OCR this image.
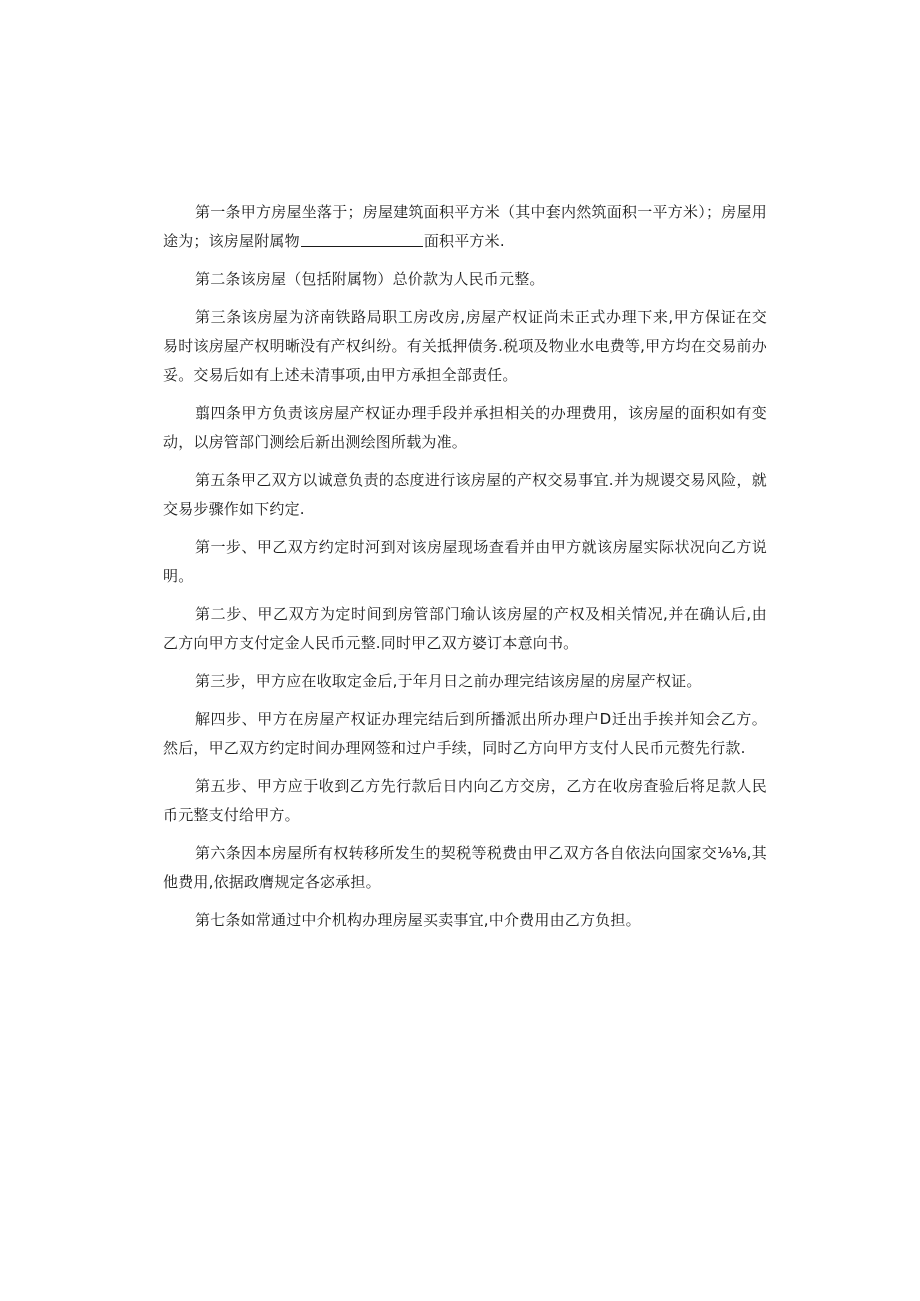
第一条甲方房屋坐落于；房屋建筑面积平方米（其中套内然筑面积一平方米）；房屋用途为；该房屋附属物	面积平方米.

第二条该房屋（包括附属物）总价款为人民币元整。

第三条该房屋为济南铁路局职工房改房,房屋产权证尚未正式办理下来,甲方保证在交易时该房屋产权明晰没有产权纠纷。有关抵押债务.税项及物业水电费等,甲方均在交易前办妥。交易后如有上述未清事项,由甲方承担全部责任。

翦四条甲方负责该房屋产权证办理手段并承担相关的办理费用，该房屋的面积如有变动，以房管部门测绘后新出测绘图所载为准。

第五条甲乙双方以诚意负责的态度进行该房屋的产权交易事宜.并为规谡交易风险，就交易步骤作如下约定.

第一步、甲乙双方约定时河到对该房屋现场查看并由甲方就该房屋实际状况向乙方说明。

第二步、甲乙双方为定时间到房管部门瑜认该房屋的产权及相关情况,并在确认后,由乙方向甲方支付定金人民币元整.同时甲乙双方婆订本意向书。

第三步，甲方应在收取定金后,于年月日之前办理完结该房屋的房屋产权证。

解四步、甲方在房屋产权证办理完结后到所播派出所办理户D迁出手挨并知会乙方。然后，甲乙双方约定时间办理网签和过户手续，同时乙方向甲方支付人民币元赘先行款.

第五步、甲方应于收到乙方先行款后日内向乙方交房，乙方在收房査验后将足款人民币元整支付给甲方。

第六条因本房屋所有权转移所发生的契税等税费由甲乙双方各自依法向国家交⅛⅛,其他费用,依据政膺规定各宓承担。

第七条如常通过中介机构办理房屋买卖事宜,中介费用由乙方负担。
